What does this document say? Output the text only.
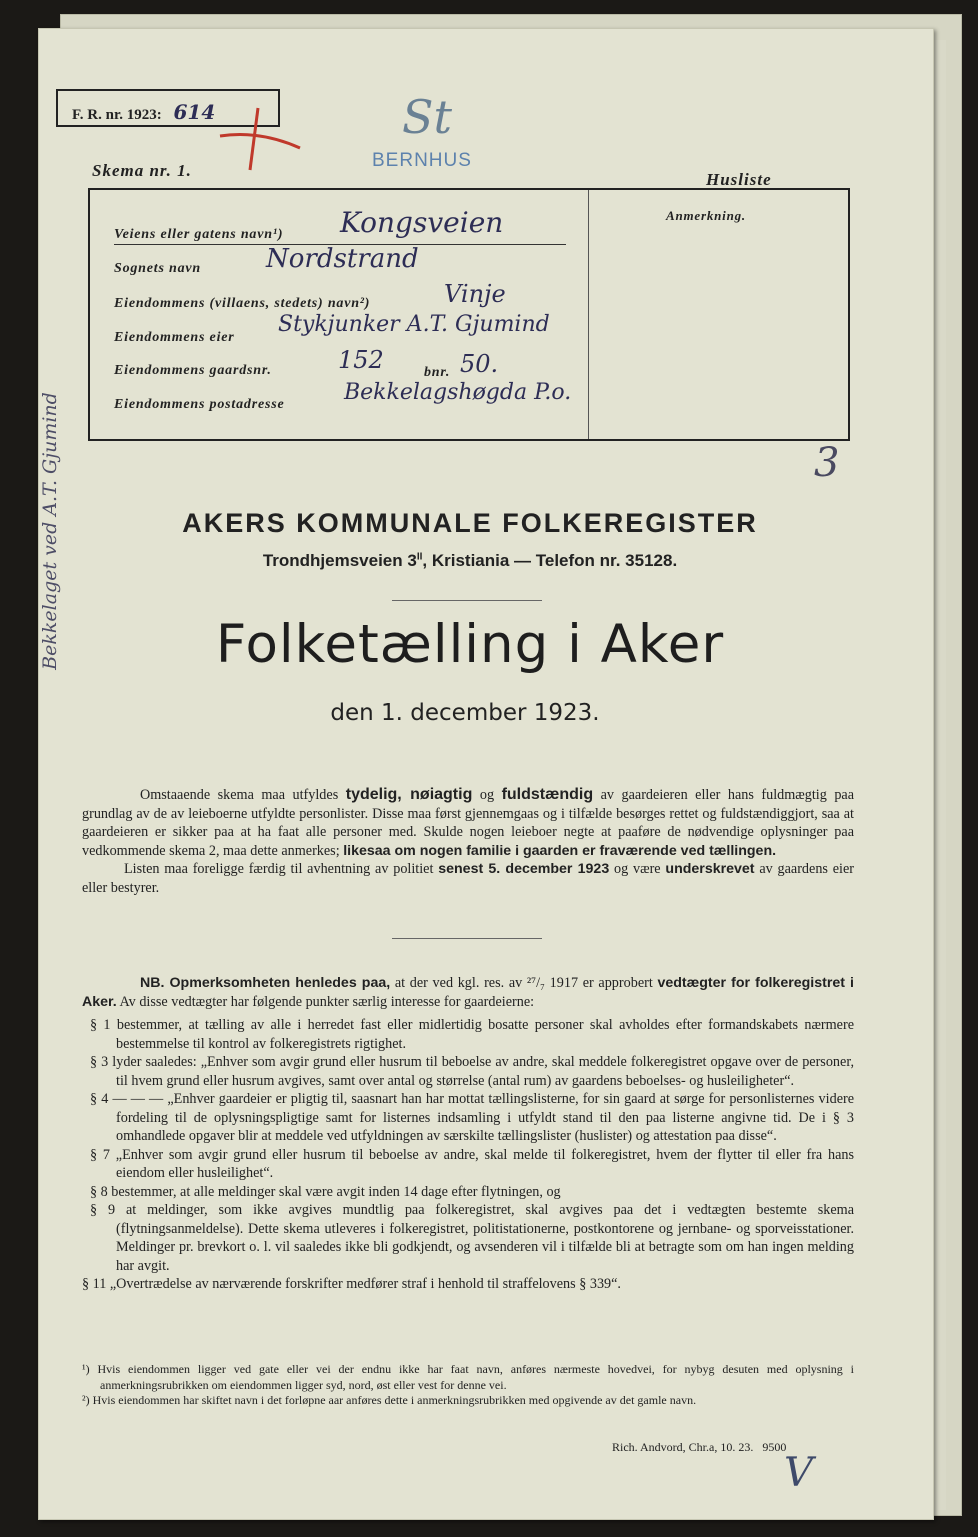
F. R. nr. 1923: 614	St
BERNHUS
Skema nr. 1.	Husliste
Anmerkning.
Veiens eller gatens navn¹) Kongsveien
Sognets navn Nordstrand
Eiendommens (villaens, stedets) navn²)	Vinje
Eiendommens eier
Stykjunker A.T. Gjumind
Eiendommens gaardsnr.	152	bnr. 50.
Eiendommens postadresse	Bekkelagshøgda P.o.
Bekkelaget ved A.T. Gjumind	3
AKERS KOMMUNALE FOLKEREGISTER
Trondhjemsveien $3^{II}$, Kristiania — Telefon nr. 35128.
Folketælling i Aker
den 1. december 1923.

Omstaaende skema maa utfyldes tydelig, nøiagtig og fuldstændig av gaardeieren eller hans fuldmægtig paa grundlag av de av leieboerne utfyldte personlister. Disse maa først gjennemgaas og i tilfælde besørges rettet og fuldstændiggjort, saa at gaardeieren er sikker paa at ha faat alle personer med. Skulde nogen leieboer negte at paaføre de nødvendige oplysninger paa vedkommende skema 2, maa dette anmerkes; likesaa om nogen familie i gaarden er fraværende ved tællingen.

Listen maa foreligge færdig til avhentning av politiet senest 5. december 1923 og være underskrevet av gaardens eier eller bestyrer.

NB. Opmerksomheten henledes paa, at der ved kgl. res. av ²⁷/₇ 1917 er approbert vedtægter for folkeregistret i Aker. Av disse vedtægter har følgende punkter særlig interesse for gaardeierne:

§ 1 bestemmer, at tælling av alle i herredet fast eller midlertidig bosatte personer skal avholdes efter formandskabets nærmere bestemmelse til kontrol av folkeregistrets rigtighet.

§ 3 lyder saaledes: „Enhver som avgir grund eller husrum til beboelse av andre, skal meddele folkeregistret opgave over de personer, til hvem grund eller husrum avgives, samt over antal og størrelse (antal rum) av gaardens beboelses- og husleiligheter“.

§ 4 — — — „Enhver gaardeier er pligtig til, saasnart han har mottat tællingslisterne, for sin gaard at sørge for personlisternes videre fordeling til de oplysningspligtige samt for listernes indsamling i utfyldt stand til den paa listerne angivne tid. De i § 3 omhandlede opgaver blir at meddele ved utfyldningen av særskilte tællingslister (huslister) og attestation paa disse“.

§ 7 „Enhver som avgir grund eller husrum til beboelse av andre, skal melde til folkeregistret, hvem der flytter til eller fra hans eiendom eller husleilighet“.

§ 8 bestemmer, at alle meldinger skal være avgit inden 14 dage efter flytningen, og

§ 9 at meldinger, som ikke avgives mundtlig paa folkeregistret, skal avgives paa det i vedtægten bestemte skema (flytningsanmeldelse). Dette skema utleveres i folkeregistret, politistationerne, postkontorene og jernbane- og sporveisstationer. Meldinger pr. brevkort o. l. vil saaledes ikke bli godkjendt, og avsenderen vil i tilfælde bli at betragte som om han ingen melding har avgit.

§ 11 „Overtrædelse av nærværende forskrifter medfører straf i henhold til straffelovens § 339“.

¹) Hvis eiendommen ligger ved gate eller vei der endnu ikke har faat navn, anføres nærmeste hovedvei, for nybyg desuten med oplysning i anmerkningsrubrikken om eiendommen ligger syd, nord, øst eller vest for denne vei.

²) Hvis eiendommen har skiftet navn i det forløpne aar anføres dette i anmerkningsrubrikken med opgivende av det gamle navn.

Rich. Andvord, Chr.a, 10. 23.   9500
V
